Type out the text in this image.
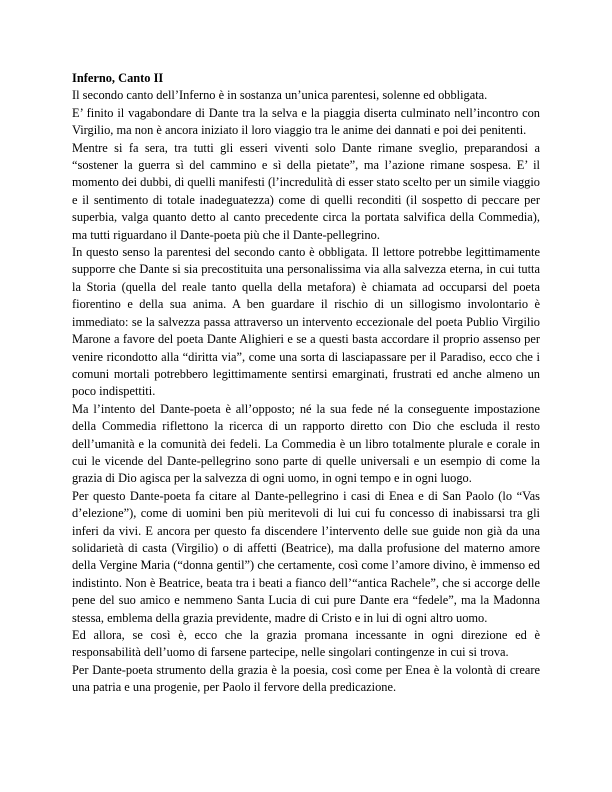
Inferno, Canto II

Il secondo canto dell’Inferno è in sostanza un’unica parentesi, solenne ed obbligata.

E’ finito il vagabondare di Dante tra la selva e la piaggia diserta culminato nell’incontro con Virgilio, ma non è ancora iniziato il loro viaggio tra le anime dei dannati e poi dei penitenti.

Mentre si fa sera, tra tutti gli esseri viventi solo Dante rimane sveglio, preparandosi a “sostener la guerra sì del cammino e sì della pietate”, ma l’azione rimane sospesa. E’ il momento dei dubbi, di quelli manifesti (l’incredulità di esser stato scelto per un simile viaggio e il sentimento di totale inadeguatezza) come di quelli reconditi (il sospetto di peccare per superbia, valga quanto detto al canto precedente circa la portata salvifica della Commedia), ma tutti riguardano il Dante-poeta più che il Dante-pellegrino.

In questo senso la parentesi del secondo canto è obbligata. Il lettore potrebbe legittimamente supporre che Dante si sia precostituita una personalissima via alla salvezza eterna, in cui tutta la Storia (quella del reale tanto quella della metafora) è chiamata ad occuparsi del poeta fiorentino e della sua anima. A ben guardare il rischio di un sillogismo involontario è immediato: se la salvezza passa attraverso un intervento eccezionale del poeta Publio Virgilio Marone a favore del poeta Dante Alighieri e se a questi basta accordare il proprio assenso per venire ricondotto alla “diritta via”, come una sorta di lasciapassare per il Paradiso, ecco che i comuni mortali potrebbero legittimamente sentirsi emarginati, frustrati ed anche almeno un poco indispettiti.

Ma l’intento del Dante-poeta è all’opposto; né la sua fede né la conseguente impostazione della Commedia riflettono la ricerca di un rapporto diretto con Dio che escluda il resto dell’umanità e la comunità dei fedeli. La Commedia è un libro totalmente plurale e corale in cui le vicende del Dante-pellegrino sono parte di quelle universali e un esempio di come la grazia di Dio agisca per la salvezza di ogni uomo, in ogni tempo e in ogni luogo.

Per questo Dante-poeta fa citare al Dante-pellegrino i casi di Enea e di San Paolo (lo “Vas d’elezione”), come di uomini ben più meritevoli di lui cui fu concesso di inabissarsi tra gli inferi da vivi. E ancora per questo fa discendere l’intervento delle sue guide non già da una solidarietà di casta (Virgilio) o di affetti (Beatrice), ma dalla profusione del materno amore della Vergine Maria (“donna gentil”) che certamente, così come l’amore divino, è immenso ed indistinto. Non è Beatrice, beata tra i beati a fianco dell’“antica Rachele”, che si accorge delle pene del suo amico e nemmeno Santa Lucia di cui pure Dante era “fedele”, ma la Madonna stessa, emblema della grazia previdente, madre di Cristo e in lui di ogni altro uomo.

Ed allora, se così è, ecco che la grazia promana incessante in ogni direzione ed è responsabilità dell’uomo di farsene partecipe, nelle singolari contingenze in cui si trova.

Per Dante-poeta strumento della grazia è la poesia, così come per Enea è la volontà di creare una patria e una progenie, per Paolo il fervore della predicazione.
